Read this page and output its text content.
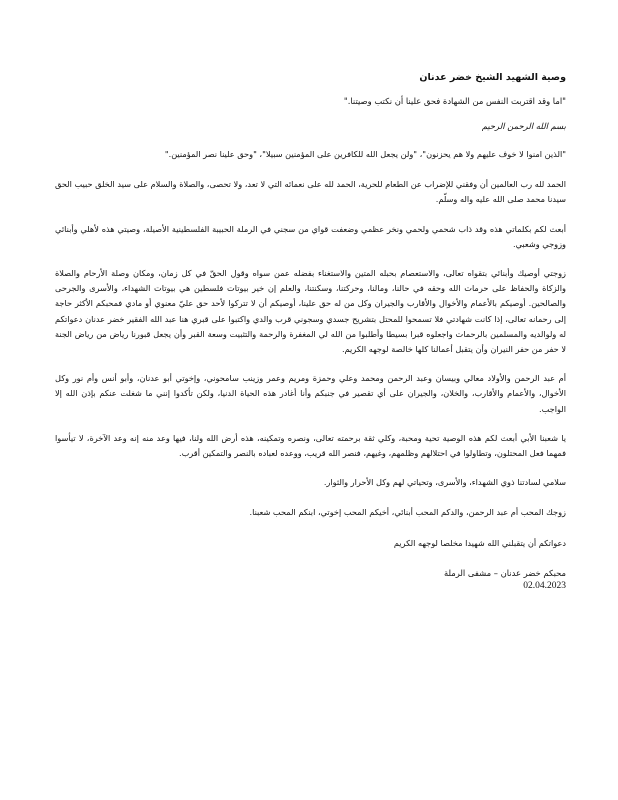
وصية الشهيد الشيخ خضر عدنان
"اما وقد اقتربت النفس من الشهادة فحق علينا أن نكتب وصيتنا."
بسم الله الرحمن الرحيم

"الذين امنوا لا خوف عليهم ولا هم يحزنون"، "ولن يجعل الله للكافرين على المؤمنين سبيلا"، "وحق علينا نصر المؤمنين."

الحمد لله رب العالمين أن وفقني للإضراب عن الطعام للحرية، الحمد لله على نعمائه التي لا تعد، ولا تحصى، والصلاة والسلام على سيد الخلق حبيب الحق سيدنا محمد صلى الله عليه واله وسلّم.

أبعث لكم بكلماتي هذه وقد ذاب شحمي ولحمي ونخر عظمي وضعفت قواي من سجني في الرملة الحبيبة الفلسطينية الأصيلة، وصيتي هذه لأهلي وأبنائي وزوجي وشعبي.

زوجتي أوصيك وأبنائي بتقواه تعالى، والاستعصام بحبله المتين والاستغناء بفضله عمن سواه وقول الحقّ في كل زمان، ومكان وصلة الأرحام والصلاة والزكاة والحفاظ على حرمات الله وحقه في حالنا، ومالنا، وحركتنا، وسكنتنا، والعلم إن خير بيوتات فلسطين هي بيوتات الشهداء، والأسرى والجرحى والصالحين. أوصيكم بالأعمام والأخوال والأقارب والجيران وكل من له حق علينا، أوصيكم أن لا تتركوا لأحد حق عليّ معنوي أو مادي فمحبكم الأكثر حاجة إلى رحمانه تعالى، إذا كانت شهادتي فلا تسمحوا للمحتل بتشريح جسدي وسجوني قرب والدي واكتبوا على قبري هنا عبد الله الفقير خضر عدنان دعواتكم له ولوالديه والمسلمين بالرحمات واجعلوه قبرا بسيطا وأطلبوا من الله لي المغفرة والرحمة والتثبيت وسعة القبر وأن يجعل قبورنا رياض من رياض الجنة لا حفر من حفر النيران وأن يتقبل أعمالنا كلها خالصة لوجهه الكريم.

أم عبد الرحمن والأولاد معالي وبيسان وعبد الرحمن ومحمد وعلي وحمزة ومريم وعمر وزينب سامحوني، وإخوتي أبو عدنان، وأبو أنس وأم نور وكل الأخوال، والأعمام والأقارب، والخلان، والجيران على أي تقصير في جنبكم وأنا أغادر هذه الحياة الدنيا، ولكن تأكدوا إنني ما شغلت عنكم بإذن الله إلا الواجب.

يا شعبنا الأبي أبعث لكم هذه الوصية تحية ومحبة، وكلي ثقة برحمته تعالى، ونصره وتمكينه، هذه أرض الله ولنا، فيها وعد منه إنه وعد الآخرة، لا تيأسوا فمهما فعل المحتلون، وتطاولوا في احتلالهم وظلمهم، وغيهم، فنصر الله قريب، ووعده لعباده بالنصر والتمكين أقرب.

سلامي لسادتنا ذوي الشهداء، والأسرى، وتحياتي لهم وكل الأحرار والثوار.

زوجك المحب أم عبد الرحمن، والدكم المحب أبنائي، أخيكم المحب إخوتي، ابنكم المحب شعبنا.

دعواتكم أن يتقبلني الله شهيدا مخلصا لوجهه الكريم

محبكم خضر عدنان – مشفى الرملة
02.04.2023
